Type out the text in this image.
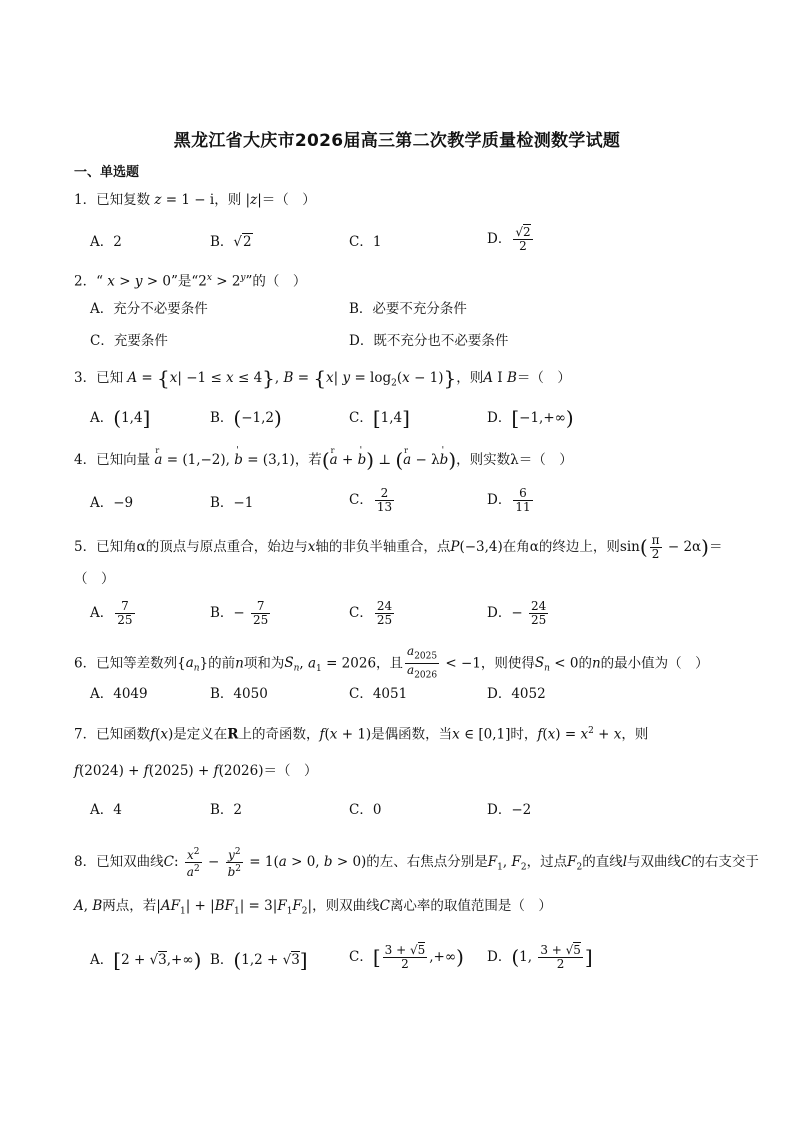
黑龙江省大庆市2026届高三第二次教学质量检测数学试题
一、单选题
1．已知复数 z = 1 − i，则 |z|＝（　）
A．2	B．√2	C．1	D． $\frac{√2}{2}$
2．“ x > y > 0”是“$2^x > 2^y$”的（　）
A．充分不必要条件	B．必要不充分条件
C．充要条件	D．既不充分也不必要条件
3．已知 A = {x| −1 ≤ x ≤ 4}, B = {x| $y = \log_2(x - 1)$}，则A I B＝（　）
A．(1,4]	B．(−1,2)	C．[1,4]	D．[−1,+∞)
4．已知向量 r a = (1,−2), ' b = (3,1)，若(r a + ' b) ⊥ (r a − λ' b)，则实数λ＝（　）
A．−9	B．−1	C． $\frac{2}{13}$	D． $\frac{6}{11}$
5．已知角α的顶点与原点重合，始边与x轴的非负半轴重合，点P(−3,4)在角α的终边上，则$\sin( \frac{\pi}{2} - 2\alpha)=$
（　）
A． $\frac{7}{25}$	B．− $\frac{7}{25}$	C． $\frac{24}{25}$	D．− $\frac{24}{25}$
6．已知等差数列$\{a_n\}$的前n项和为$S_n$, $a_1 = 2026$，且 $\frac{a_{2025}}{a_{2026}} < -1$，则使得$S_n < 0$的n的最小值为（　）
A．4049	B．4050	C．4051	D．4052
7．已知函数f(x)是定义在R上的奇函数，f(x + 1)是偶函数，当x ∈ [0,1]时，$f(x) = x^2 + x$，则
f(2024) + f(2025) + f(2026)＝（　）
A．4	B．2	C．0	D．−2
8．已知双曲线C: $\frac{x^2}{a^2} - \frac{y^2}{b^2} = 1(a > 0$, b > 0)的左、右焦点分别是$F_1$, $F_2$，过点$F_2$的直线l与双曲线C的右支交于
A, B两点，若$|AF_1| + |BF_1| = 3|F_1F_2|$，则双曲线C离心率的取值范围是（　）
A．[2 + √3,+∞) B．(1,2 + √3]	C．[ $\frac{3 + √5}{2}$ ,+∞) D．(1, $\frac{3 + √5}{2}$ ]
